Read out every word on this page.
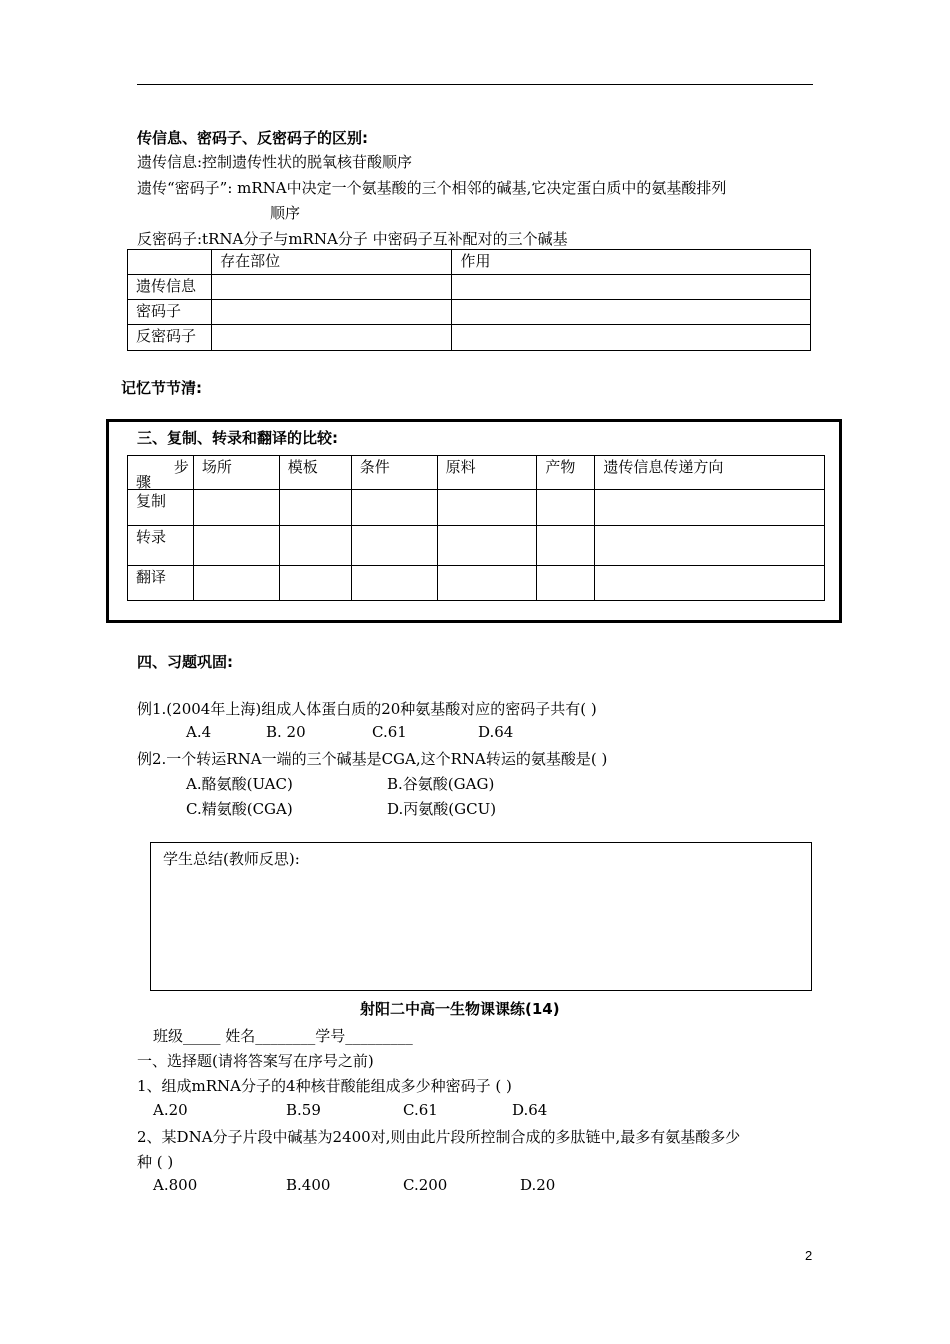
传信息、密码子、反密码子的区别:
遗传信息:控制遗传性状的脱氧核苷酸顺序
遗传“密码子”: mRNA中决定一个氨基酸的三个相邻的碱基,它决定蛋白质中的氨基酸排列
顺序
反密码子:tRNA分子与mRNA分子 中密码子互补配对的三个碱基
	存在部位	作用
遗传信息		
密码子		
反密码子		
记忆节节清:
三、复制、转录和翻译的比较:
步
骤	场所	模板	条件	原料	产物	遗传信息传递方向
复制						
转录						
翻译						
四、习题巩固:
例1.(2004年上海)组成人体蛋白质的20种氨基酸对应的密码子共有( )
A.4	B. 20	C.61	D.64
例2.一个转运RNA一端的三个碱基是CGA,这个RNA转运的氨基酸是( )
A.酪氨酸(UAC)	B.谷氨酸(GAG)
C.精氨酸(CGA)	D.丙氨酸(GCU)
学生总结(教师反思):
射阳二中高一生物课课练(14)
班级_____ 姓名________学号_________
一、选择题(请将答案写在序号之前)
1、组成mRNA分子的4种核苷酸能组成多少种密码子 ( )
A.20	B.59	C.61	D.64
2、某DNA分子片段中碱基为2400对,则由此片段所控制合成的多肽链中,最多有氨基酸多少
种 ( )
A.800	B.400	C.200	D.20
2
